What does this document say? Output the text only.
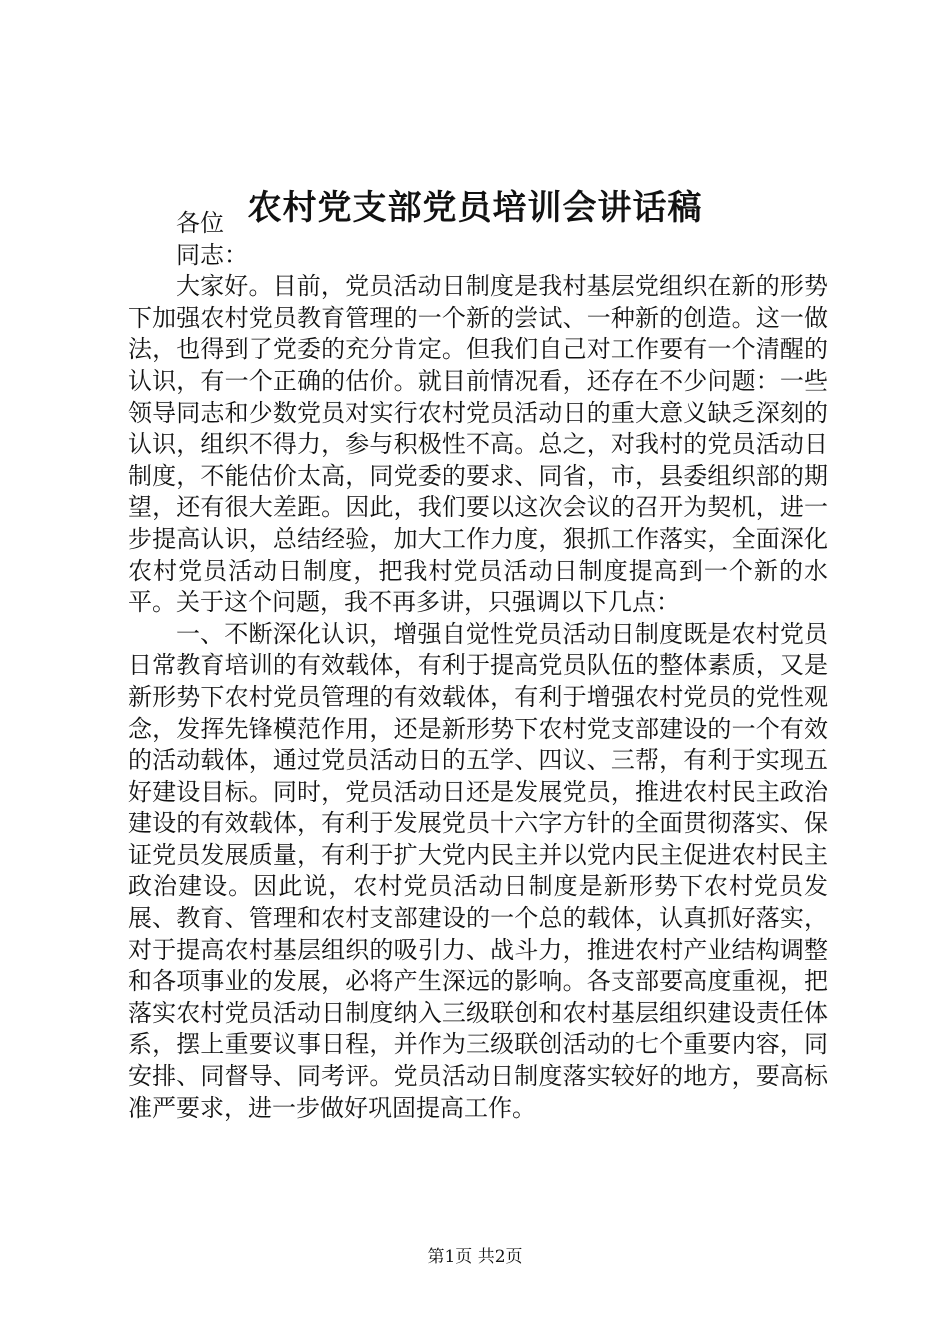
农村党支部党员培训会讲话稿

各位

同志：

大家好。目前，党员活动日制度是我村基层党组织在新的形势下加强农村党员教育管理的一个新的尝试、一种新的创造。这一做法，也得到了党委的充分肯定。但我们自己对工作要有一个清醒的认识，有一个正确的估价。就目前情况看，还存在不少问题：一些领导同志和少数党员对实行农村党员活动日的重大意义缺乏深刻的认识，组织不得力，参与积极性不高。总之，对我村的党员活动日制度，不能估价太高，同党委的要求、同省，市，县委组织部的期望，还有很大差距。因此，我们要以这次会议的召开为契机，进一步提高认识，总结经验，加大工作力度，狠抓工作落实，全面深化农村党员活动日制度，把我村党员活动日制度提高到一个新的水平。关于这个问题，我不再多讲，只强调以下几点：

一、不断深化认识，增强自觉性党员活动日制度既是农村党员日常教育培训的有效载体，有利于提高党员队伍的整体素质，又是新形势下农村党员管理的有效载体，有利于增强农村党员的党性观念，发挥先锋模范作用，还是新形势下农村党支部建设的一个有效的活动载体，通过党员活动日的五学、四议、三帮，有利于实现五好建设目标。同时，党员活动日还是发展党员，推进农村民主政治建设的有效载体，有利于发展党员十六字方针的全面贯彻落实、保证党员发展质量，有利于扩大党内民主并以党内民主促进农村民主政治建设。因此说，农村党员活动日制度是新形势下农村党员发展、教育、管理和农村支部建设的一个总的载体，认真抓好落实，对于提高农村基层组织的吸引力、战斗力，推进农村产业结构调整和各项事业的发展，必将产生深远的影响。各支部要高度重视，把落实农村党员活动日制度纳入三级联创和农村基层组织建设责任体系，摆上重要议事日程，并作为三级联创活动的七个重要内容，同安排、同督导、同考评。党员活动日制度落实较好的地方，要高标准严要求，进一步做好巩固提高工作。

第1页 共2页
